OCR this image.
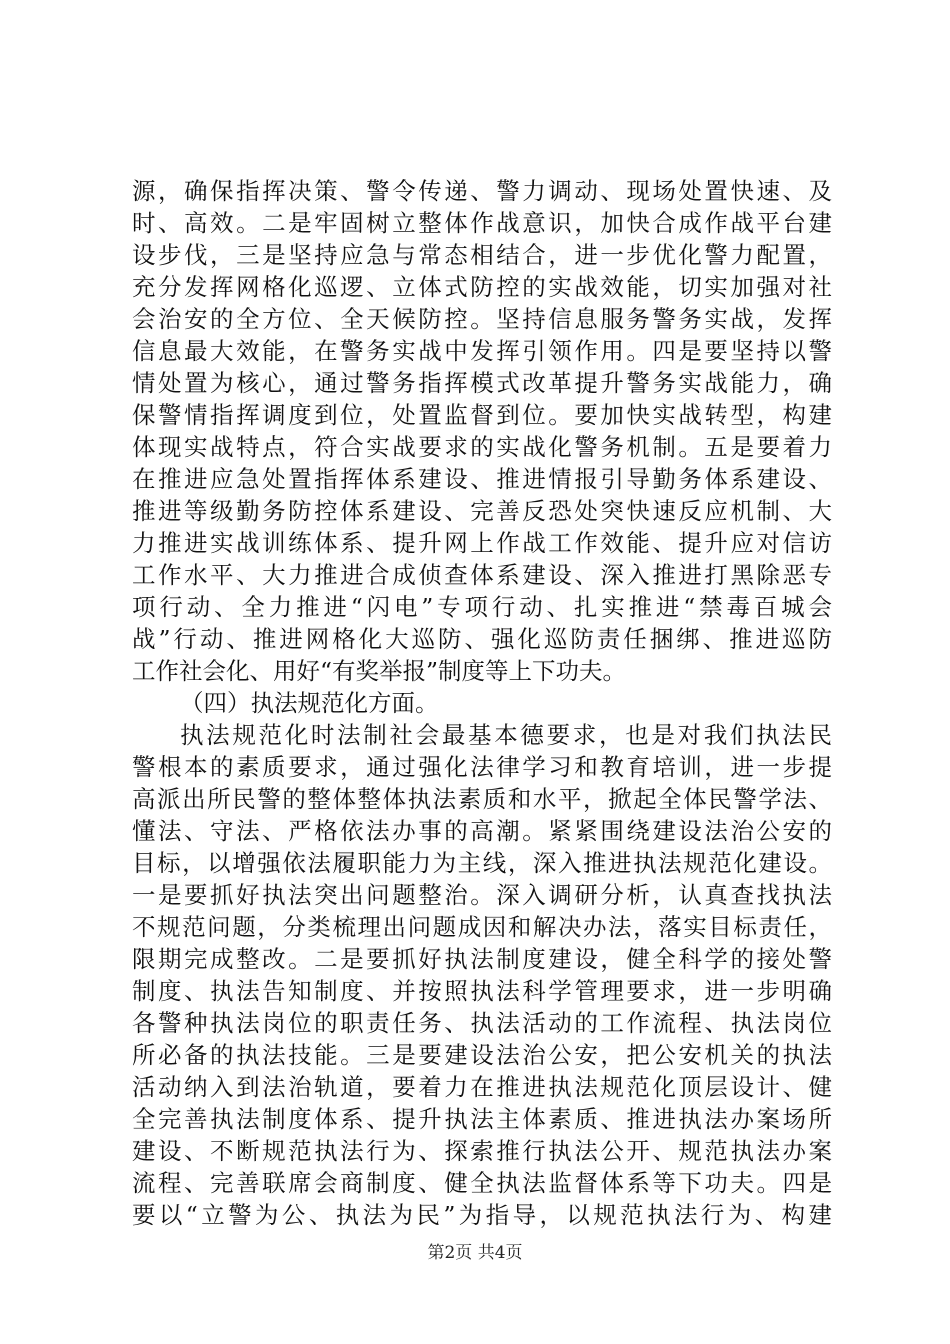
源，确保指挥决策、警令传递、警力调动、现场处置快速、及
时、高效。二是牢固树立整体作战意识，加快合成作战平台建
设步伐，三是坚持应急与常态相结合，进一步优化警力配置，
充分发挥网格化巡逻、立体式防控的实战效能，切实加强对社
会治安的全方位、全天候防控。坚持信息服务警务实战，发挥
信息最大效能，在警务实战中发挥引领作用。四是要坚持以警
情处置为核心，通过警务指挥模式改革提升警务实战能力，确
保警情指挥调度到位，处置监督到位。要加快实战转型，构建
体现实战特点，符合实战要求的实战化警务机制。五是要着力
在推进应急处置指挥体系建设、推进情报引导勤务体系建设、
推进等级勤务防控体系建设、完善反恐处突快速反应机制、大
力推进实战训练体系、提升网上作战工作效能、提升应对信访
工作水平、大力推进合成侦查体系建设、深入推进打黑除恶专
项行动、全力推进“闪电”专项行动、扎实推进“禁毒百城会
战”行动、推进网格化大巡防、强化巡防责任捆绑、推进巡防
工作社会化、用好“有奖举报”制度等上下功夫。
（四）执法规范化方面。
执法规范化时法制社会最基本德要求，也是对我们执法民
警根本的素质要求，通过强化法律学习和教育培训，进一步提
高派出所民警的整体整体执法素质和水平，掀起全体民警学法、
懂法、守法、严格依法办事的高潮。紧紧围绕建设法治公安的
目标，以增强依法履职能力为主线，深入推进执法规范化建设。
一是要抓好执法突出问题整治。深入调研分析，认真查找执法
不规范问题，分类梳理出问题成因和解决办法，落实目标责任，
限期完成整改。二是要抓好执法制度建设，健全科学的接处警
制度、执法告知制度、并按照执法科学管理要求，进一步明确
各警种执法岗位的职责任务、执法活动的工作流程、执法岗位
所必备的执法技能。三是要建设法治公安，把公安机关的执法
活动纳入到法治轨道，要着力在推进执法规范化顶层设计、健
全完善执法制度体系、提升执法主体素质、推进执法办案场所
建设、不断规范执法行为、探索推行执法公开、规范执法办案
流程、完善联席会商制度、健全执法监督体系等下功夫。四是
第2页 共4页
要以“立警为公、执法为民”为指导，以规范执法行为、构建
